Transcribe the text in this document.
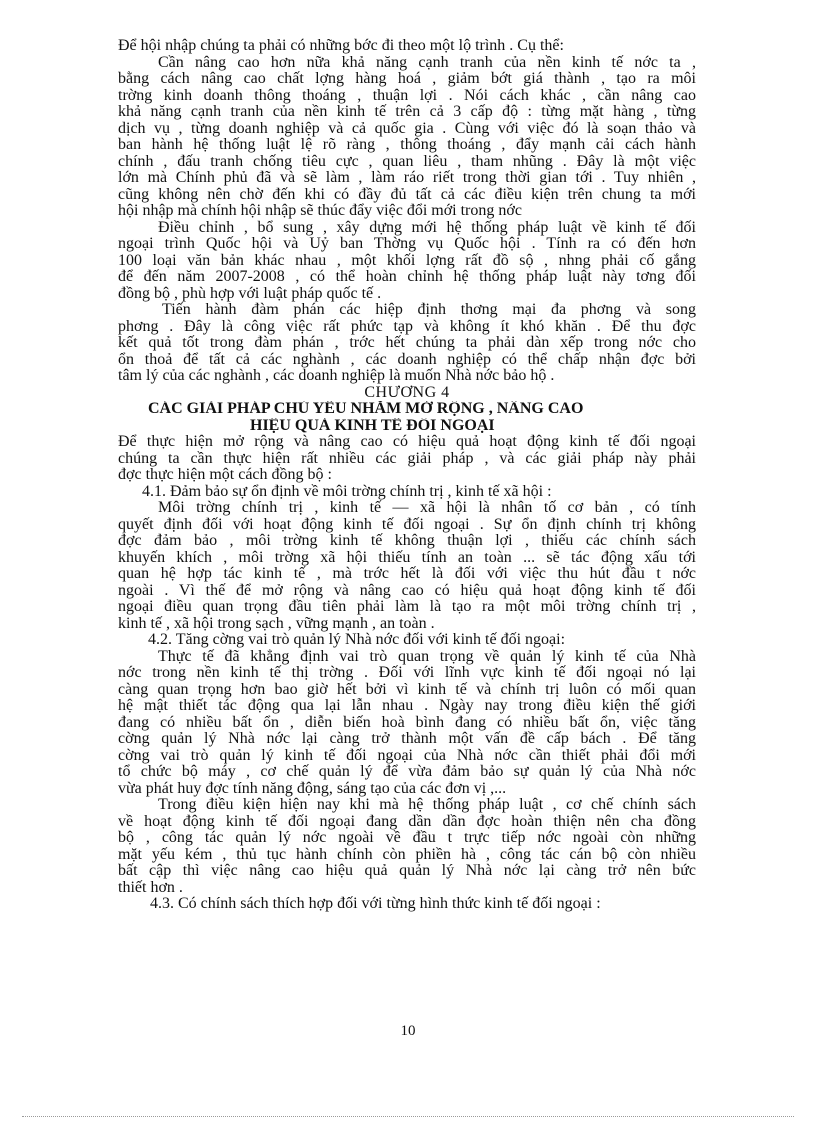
Để hội nhập chúng ta phải có những bớc đi theo một lộ trình . Cụ thể:

Cần nâng cao hơn nữa khả năng cạnh tranh của nền kinh tế nớc ta ,

bằng cách nâng cao chất lợng hàng hoá , giảm bớt giá thành , tạo ra môi

trờng kinh doanh thông thoáng , thuận lợi . Nói cách khác , cần nâng cao

khả năng cạnh tranh của nền kinh tế trên cả 3 cấp độ : từng mặt hàng , từng

dịch vụ , từng doanh nghiệp và cả quốc gia . Cùng với việc đó là soạn thảo và

ban hành hệ thống luật lệ rõ ràng , thông thoáng , đẩy mạnh cải cách hành

chính , đấu tranh chống tiêu cực , quan liêu , tham nhũng . Đây là một việc

lớn mà Chính phủ đã và sẽ làm , làm ráo riết trong thời gian tới . Tuy nhiên ,

cũng không nên chờ đến khi có đầy đủ tất cả các điều kiện trên chung ta mới

hội nhập mà chính hội nhập sẽ thúc đẩy việc đổi mới trong nớc

Điều chỉnh , bổ sung , xây dựng mới hệ thống pháp luật về kinh tế đối

ngoại trình Quốc hội và Uỷ ban Thờng vụ Quốc hội . Tính ra có đến hơn

100 loại văn bản khác nhau , một khối lợng rất đồ sộ , nhng phải cố gắng

để đến năm 2007-2008 , có thể hoàn chỉnh hệ thống pháp luật này tơng đối

đồng bộ , phù hợp với luật pháp quốc tế .

Tiến hành đàm phán các hiệp định thơng mại đa phơng và song

phơng . Đây là công việc rất phức tạp và không ít khó khăn . Để thu đợc

kết quả tốt trong đàm phán , trớc hết chúng ta phải dàn xếp trong nớc cho

ổn thoả để tất cả các nghành , các doanh nghiệp có thể chấp nhận đợc bởi

tâm lý của các nghành , các doanh nghiệp là muốn Nhà nớc bảo hộ .

CHƯƠNG 4

CÁC GIẢI PHÁP CHỦ YẾU NHẰM MỞ RỘNG , NÂNG CAO

HIỆU QUẢ KINH TẾ ĐỐI NGOẠI

Để thực hiện mở rộng và nâng cao có hiệu quả hoạt động kinh tế đối ngoại

chúng ta cần thực hiện rất nhiều các giải pháp , và các giải pháp này phải

đợc thực hiện một cách đồng bộ :

4.1. Đảm bảo sự ổn định về môi trờng chính trị , kinh tế xã hội :

Môi trờng chính trị , kinh tế — xã hội là nhân tố cơ bản , có tính

quyết định đối với hoạt động kinh tế đối ngoại . Sự ổn định chính trị không

đợc đảm bảo , môi trờng kinh tế không thuận lợi , thiếu các chính sách

khuyến khích , môi trờng xã hội thiếu tính an toàn ... sẽ tác động xấu tới

quan hệ hợp tác kinh tế , mà trớc hết là đối với việc thu hút đầu t nớc

ngoài . Vì thế để mở rộng và nâng cao có hiệu quả hoạt động kinh tế đối

ngoại điều quan trọng đầu tiên phải làm là tạo ra một môi trờng chính trị ,

kinh tế , xã hội trong sạch , vững mạnh , an toàn .

4.2. Tăng cờng vai trò quản lý Nhà nớc đối với kinh tế đối ngoại:

Thực tế đã khẳng định vai trò quan trọng về quản lý kinh tế của Nhà

nớc trong nền kinh tế thị trờng . Đối với lĩnh vực kinh tế đối ngoại nó lại

càng quan trọng hơn bao giờ hết bởi vì kinh tế và chính trị luôn có mối quan

hệ mật thiết tác động qua lại lẫn nhau . Ngày nay trong điều kiện thế giới

đang có nhiều bất ổn , diễn biến hoà bình đang có nhiều bất ổn, việc tăng

cờng quản lý Nhà nớc lại càng trở thành một vấn đề cấp bách . Để tăng

cờng vai trò quản lý kinh tế đối ngoại của Nhà nớc cần thiết phải đổi mới

tổ chức bộ máy , cơ chế quản lý để vừa đảm bảo sự quản lý của Nhà nớc

vừa phát huy đợc tính năng động, sáng tạo của các đơn vị ,...

Trong điều kiện hiện nay khi mà hệ thống pháp luật , cơ chế chính sách

về hoạt động kinh tế đối ngoại đang dần dần đợc hoàn thiện nên cha đồng

bộ , công tác quản lý nớc ngoài về đầu t trực tiếp nớc ngoài còn những

mặt yếu kém , thủ tục hành chính còn phiền hà , công tác cán bộ còn nhiều

bất cập thì việc nâng cao hiệu quả quản lý Nhà nớc lại càng trở nên bức

thiết hơn .

4.3. Có chính sách thích hợp đối với từng hình thức kinh tế đối ngoại :

10
